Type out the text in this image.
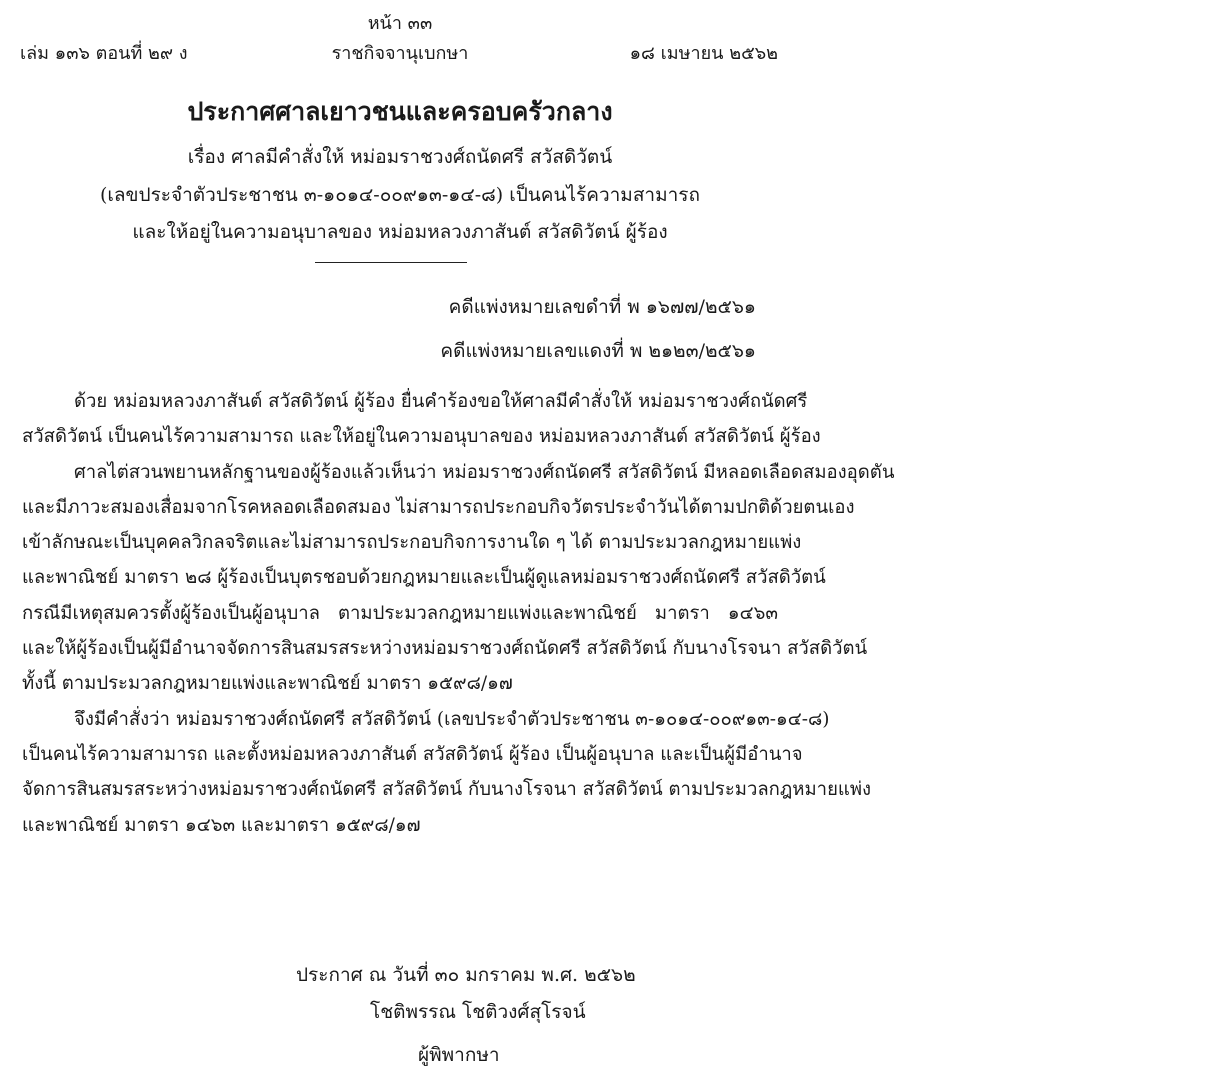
หน้า ๓๓
เล่ม ๑๓๖ ตอนที่ ๒๙ ง	ราชกิจจานุเบกษา	๑๘ เมษายน ๒๕๖๒
ประกาศศาลเยาวชนและครอบครัวกลาง
เรื่อง ศาลมีคำสั่งให้ หม่อมราชวงศ์ถนัดศรี สวัสดิวัตน์
(เลขประจำตัวประชาชน ๓-๑๐๑๔-๐๐๙๑๓-๑๔-๘) เป็นคนไร้ความสามารถ
และให้อยู่ในความอนุบาลของ หม่อมหลวงภาสันต์ สวัสดิวัตน์ ผู้ร้อง
คดีแพ่งหมายเลขดำที่ พ ๑๖๗๗/๒๕๖๑
คดีแพ่งหมายเลขแดงที่ พ ๒๑๒๓/๒๕๖๑

ด้วย หม่อมหลวงภาสันต์ สวัสดิวัตน์ ผู้ร้อง ยื่นคำร้องขอให้ศาลมีคำสั่งให้ หม่อมราชวงศ์ถนัดศรี
สวัสดิวัตน์ เป็นคนไร้ความสามารถ และให้อยู่ในความอนุบาลของ หม่อมหลวงภาสันต์ สวัสดิวัตน์ ผู้ร้อง

ศาลไต่สวนพยานหลักฐานของผู้ร้องแล้วเห็นว่า หม่อมราชวงศ์ถนัดศรี สวัสดิวัตน์ มีหลอดเลือดสมองอุดตัน
และมีภาวะสมองเสื่อมจากโรคหลอดเลือดสมอง ไม่สามารถประกอบกิจวัตรประจำวันได้ตามปกติด้วยตนเอง
เข้าลักษณะเป็นบุคคลวิกลจริตและไม่สามารถประกอบกิจการงานใด ๆ ได้ ตามประมวลกฎหมายแพ่ง
และพาณิชย์ มาตรา ๒๘ ผู้ร้องเป็นบุตรชอบด้วยกฎหมายและเป็นผู้ดูแลหม่อมราชวงศ์ถนัดศรี สวัสดิวัตน์
กรณีมีเหตุสมควรตั้งผู้ร้องเป็นผู้อนุบาล ตามประมวลกฎหมายแพ่งและพาณิชย์ มาตรา ๑๔๖๓
และให้ผู้ร้องเป็นผู้มีอำนาจจัดการสินสมรสระหว่างหม่อมราชวงศ์ถนัดศรี สวัสดิวัตน์ กับนางโรจนา สวัสดิวัตน์
ทั้งนี้ ตามประมวลกฎหมายแพ่งและพาณิชย์ มาตรา ๑๕๙๘/๑๗

จึงมีคำสั่งว่า หม่อมราชวงศ์ถนัดศรี สวัสดิวัตน์ (เลขประจำตัวประชาชน ๓-๑๐๑๔-๐๐๙๑๓-๑๔-๘)
เป็นคนไร้ความสามารถ และตั้งหม่อมหลวงภาสันต์ สวัสดิวัตน์ ผู้ร้อง เป็นผู้อนุบาล และเป็นผู้มีอำนาจ
จัดการสินสมรสระหว่างหม่อมราชวงศ์ถนัดศรี สวัสดิวัตน์ กับนางโรจนา สวัสดิวัตน์ ตามประมวลกฎหมายแพ่ง
และพาณิชย์ มาตรา ๑๔๖๓ และมาตรา ๑๕๙๘/๑๗

ประกาศ ณ วันที่ ๓๐ มกราคม พ.ศ. ๒๕๖๒
โชติพรรณ โชติวงศ์สุโรจน์
ผู้พิพากษา
